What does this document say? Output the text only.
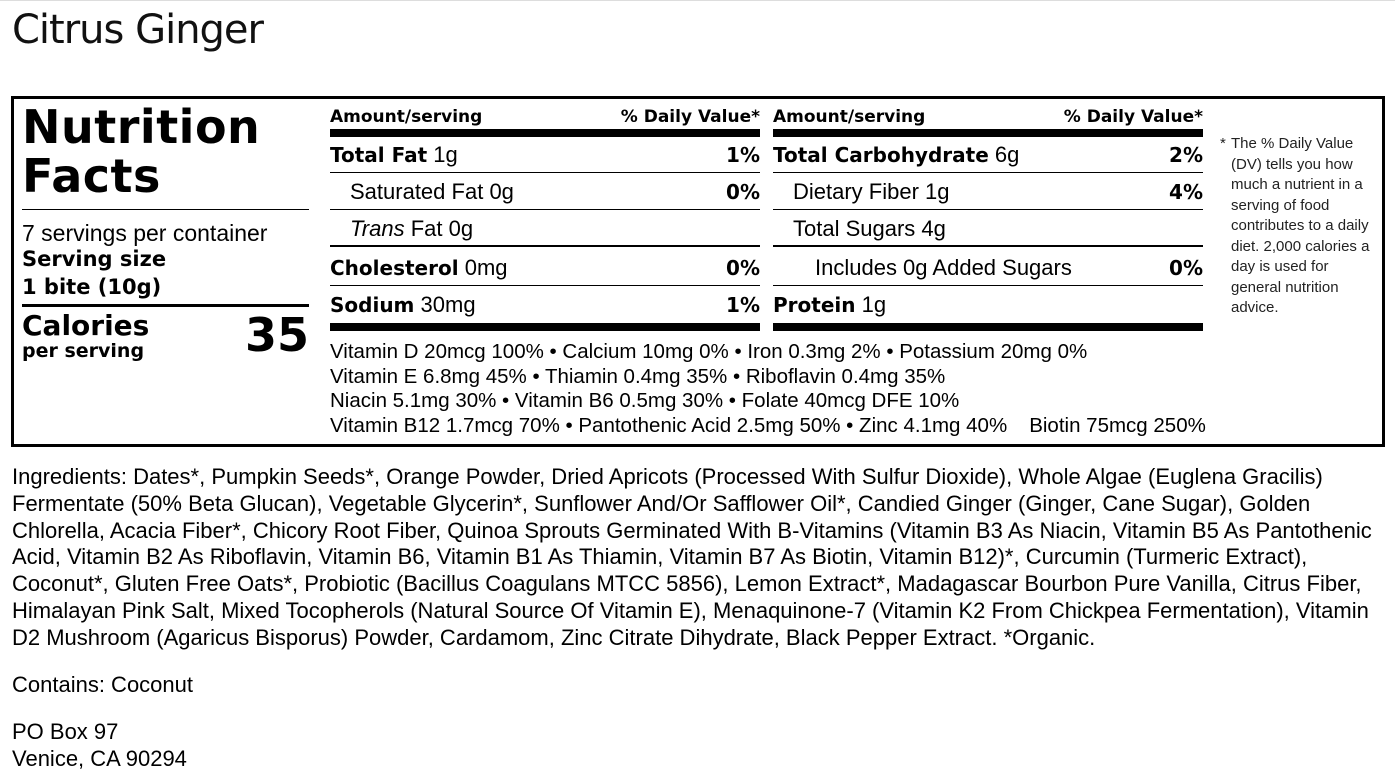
Citrus Ginger
Nutrition
Facts
7 servings per container
Serving size
1 bite (10g)
Calories
per serving 35
Amount/serving	% Daily Value*
Total Fat 1g	1%
Saturated Fat 0g	0%
Trans Fat 0g
Cholesterol 0mg	0%
Sodium 30mg	1%
Amount/serving	% Daily Value*
Total Carbohydrate 6g	2%
Dietary Fiber 1g	4%
Total Sugars 4g
Includes 0g Added Sugars	0%
Protein 1g
Vitamin D 20mcg 100% • Calcium 10mg 0% • Iron 0.3mg 2% • Potassium 20mg 0%
Vitamin E 6.8mg 45% • Thiamin 0.4mg 35% • Riboflavin 0.4mg 35%
Niacin 5.1mg 30% • Vitamin B6 0.5mg 30% • Folate 40mcg DFE 10%
Vitamin B12 1.7mcg 70% • Pantothenic Acid 2.5mg 50% • Zinc 4.1mg 40% Biotin 75mcg 250%
* The % Daily Value (DV) tells you how much a nutrient in a serving of food contributes to a daily diet. 2,000 calories a day is used for general nutrition advice.

Ingredients: Dates*, Pumpkin Seeds*, Orange Powder, Dried Apricots (Processed With Sulfur Dioxide), Whole Algae (Euglena Gracilis) Fermentate (50% Beta Glucan), Vegetable Glycerin*, Sunflower And/Or Safflower Oil*, Candied Ginger (Ginger, Cane Sugar), Golden Chlorella, Acacia Fiber*, Chicory Root Fiber, Quinoa Sprouts Germinated With B-Vitamins (Vitamin B3 As Niacin, Vitamin B5 As Pantothenic Acid, Vitamin B2 As Riboflavin, Vitamin B6, Vitamin B1 As Thiamin, Vitamin B7 As Biotin, Vitamin B12)*, Curcumin (Turmeric Extract), Coconut*, Gluten Free Oats*, Probiotic (Bacillus Coagulans MTCC 5856), Lemon Extract*, Madagascar Bourbon Pure Vanilla, Citrus Fiber, Himalayan Pink Salt, Mixed Tocopherols (Natural Source Of Vitamin E), Menaquinone-7 (Vitamin K2 From Chickpea Fermentation), Vitamin D2 Mushroom (Agaricus Bisporus) Powder, Cardamom, Zinc Citrate Dihydrate, Black Pepper Extract. *Organic.

Contains: Coconut

PO Box 97
Venice, CA 90294
